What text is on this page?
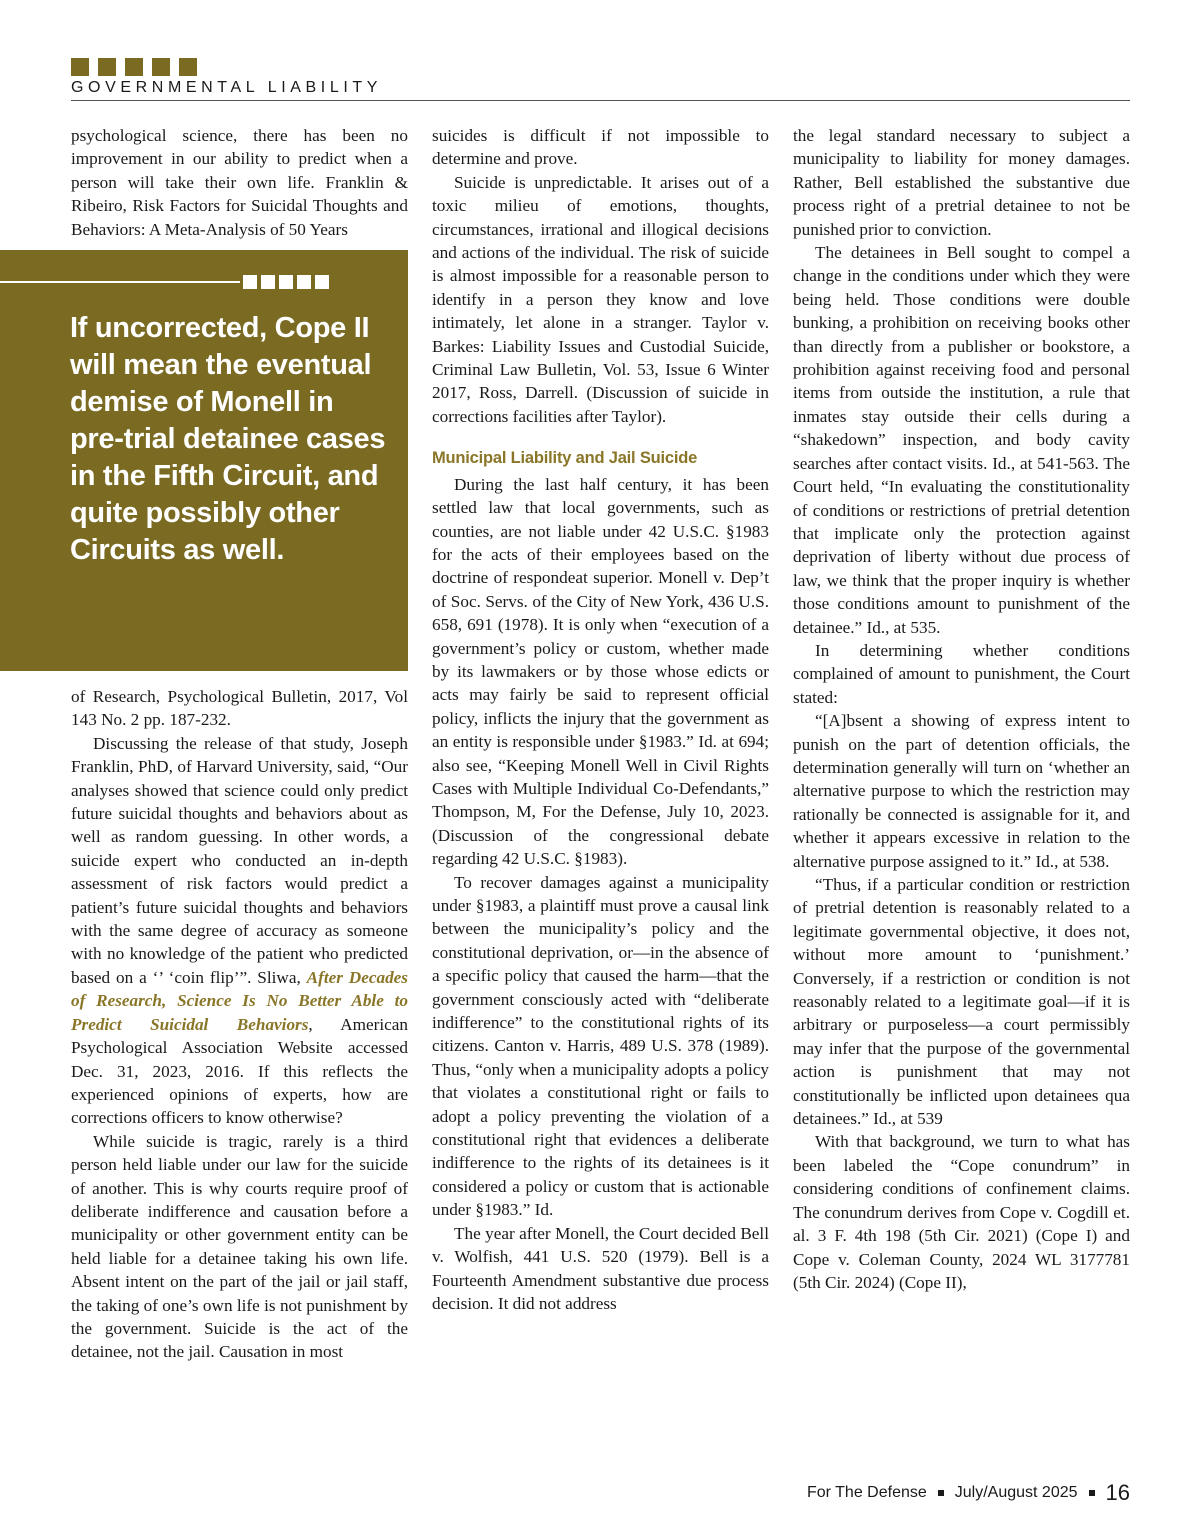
GOVERNMENTAL LIABILITY

psychological science, there has been no improvement in our ability to predict when a person will take their own life. Franklin & Ribeiro, Risk Factors for Suicidal Thoughts and Behaviors: A Meta-Analysis of 50 Years

If uncorrected, Cope II will mean the eventual demise of Monell in pre-trial detainee cases in the Fifth Circuit, and quite possibly other Circuits as well.

of Research, Psychological Bulletin, 2017, Vol 143 No. 2 pp. 187-232.

Discussing the release of that study, Joseph Franklin, PhD, of Harvard University, said, “Our analyses showed that science could only predict future suicidal thoughts and behaviors about as well as random guessing. In other words, a suicide expert who conducted an in-depth assessment of risk factors would predict a patient’s future suicidal thoughts and behaviors with the same degree of accuracy as someone with no knowledge of the patient who predicted based on a ‘’ ‘coin flip’”. Sliwa, After Decades of Research, Science Is No Better Able to Predict Suicidal Behaviors, American Psychological Association Website accessed Dec. 31, 2023, 2016. If this reflects the experienced opinions of experts, how are corrections officers to know otherwise?

While suicide is tragic, rarely is a third person held liable under our law for the suicide of another. This is why courts require proof of deliberate indifference and causation before a municipality or other government entity can be held liable for a detainee taking his own life. Absent intent on the part of the jail or jail staff, the taking of one’s own life is not punishment by the government. Suicide is the act of the detainee, not the jail. Causation in most

suicides is difficult if not impossible to determine and prove.

Suicide is unpredictable. It arises out of a toxic milieu of emotions, thoughts, circumstances, irrational and illogical decisions and actions of the individual. The risk of suicide is almost impossible for a reasonable person to identify in a person they know and love intimately, let alone in a stranger. Taylor v. Barkes: Liability Issues and Custodial Suicide, Criminal Law Bulletin, Vol. 53, Issue 6 Winter 2017, Ross, Darrell. (Discussion of suicide in corrections facilities after Taylor).

Municipal Liability and Jail Suicide

During the last half century, it has been settled law that local governments, such as counties, are not liable under 42 U.S.C. §1983 for the acts of their employees based on the doctrine of respondeat superior. Monell v. Dep’t of Soc. Servs. of the City of New York, 436 U.S. 658, 691 (1978). It is only when “execution of a government’s policy or custom, whether made by its lawmakers or by those whose edicts or acts may fairly be said to represent official policy, inflicts the injury that the government as an entity is responsible under §1983.” Id. at 694; also see, “Keeping Monell Well in Civil Rights Cases with Multiple Individual Co-Defendants,” Thompson, M, For the Defense, July 10, 2023. (Discussion of the congressional debate regarding 42 U.S.C. §1983).

To recover damages against a municipality under §1983, a plaintiff must prove a causal link between the municipality’s policy and the constitutional deprivation, or—in the absence of a specific policy that caused the harm—that the government consciously acted with “deliberate indifference” to the constitutional rights of its citizens. Canton v. Harris, 489 U.S. 378 (1989). Thus, “only when a municipality adopts a policy that violates a constitutional right or fails to adopt a policy preventing the violation of a constitutional right that evidences a deliberate indifference to the rights of its detainees is it considered a policy or custom that is actionable under §1983.” Id.

The year after Monell, the Court decided Bell v. Wolfish, 441 U.S. 520 (1979). Bell is a Fourteenth Amendment substantive due process decision. It did not address

the legal standard necessary to subject a municipality to liability for money damages. Rather, Bell established the substantive due process right of a pretrial detainee to not be punished prior to conviction.

The detainees in Bell sought to compel a change in the conditions under which they were being held. Those conditions were double bunking, a prohibition on receiving books other than directly from a publisher or bookstore, a prohibition against receiving food and personal items from outside the institution, a rule that inmates stay outside their cells during a “shakedown” inspection, and body cavity searches after contact visits. Id., at 541-563. The Court held, “In evaluating the constitutionality of conditions or restrictions of pretrial detention that implicate only the protection against deprivation of liberty without due process of law, we think that the proper inquiry is whether those conditions amount to punishment of the detainee.” Id., at 535.

In determining whether conditions complained of amount to punishment, the Court stated:

“[A]bsent a showing of express intent to punish on the part of detention officials, the determination generally will turn on ‘whether an alternative purpose to which the restriction may rationally be connected is assignable for it, and whether it appears excessive in relation to the alternative purpose assigned to it.” Id., at 538.

“Thus, if a particular condition or restriction of pretrial detention is reasonably related to a legitimate governmental objective, it does not, without more amount to ‘punishment.’ Conversely, if a restriction or condition is not reasonably related to a legitimate goal—if it is arbitrary or purposeless—a court permissibly may infer that the purpose of the governmental action is punishment that may not constitutionally be inflicted upon detainees qua detainees.” Id., at 539

With that background, we turn to what has been labeled the “Cope conundrum” in considering conditions of confinement claims. The conundrum derives from Cope v. Cogdill et. al. 3 F. 4th 198 (5th Cir. 2021) (Cope I) and Cope v. Coleman County, 2024 WL 3177781 (5th Cir. 2024) (Cope II),

For The Defense July/August 2025 16
